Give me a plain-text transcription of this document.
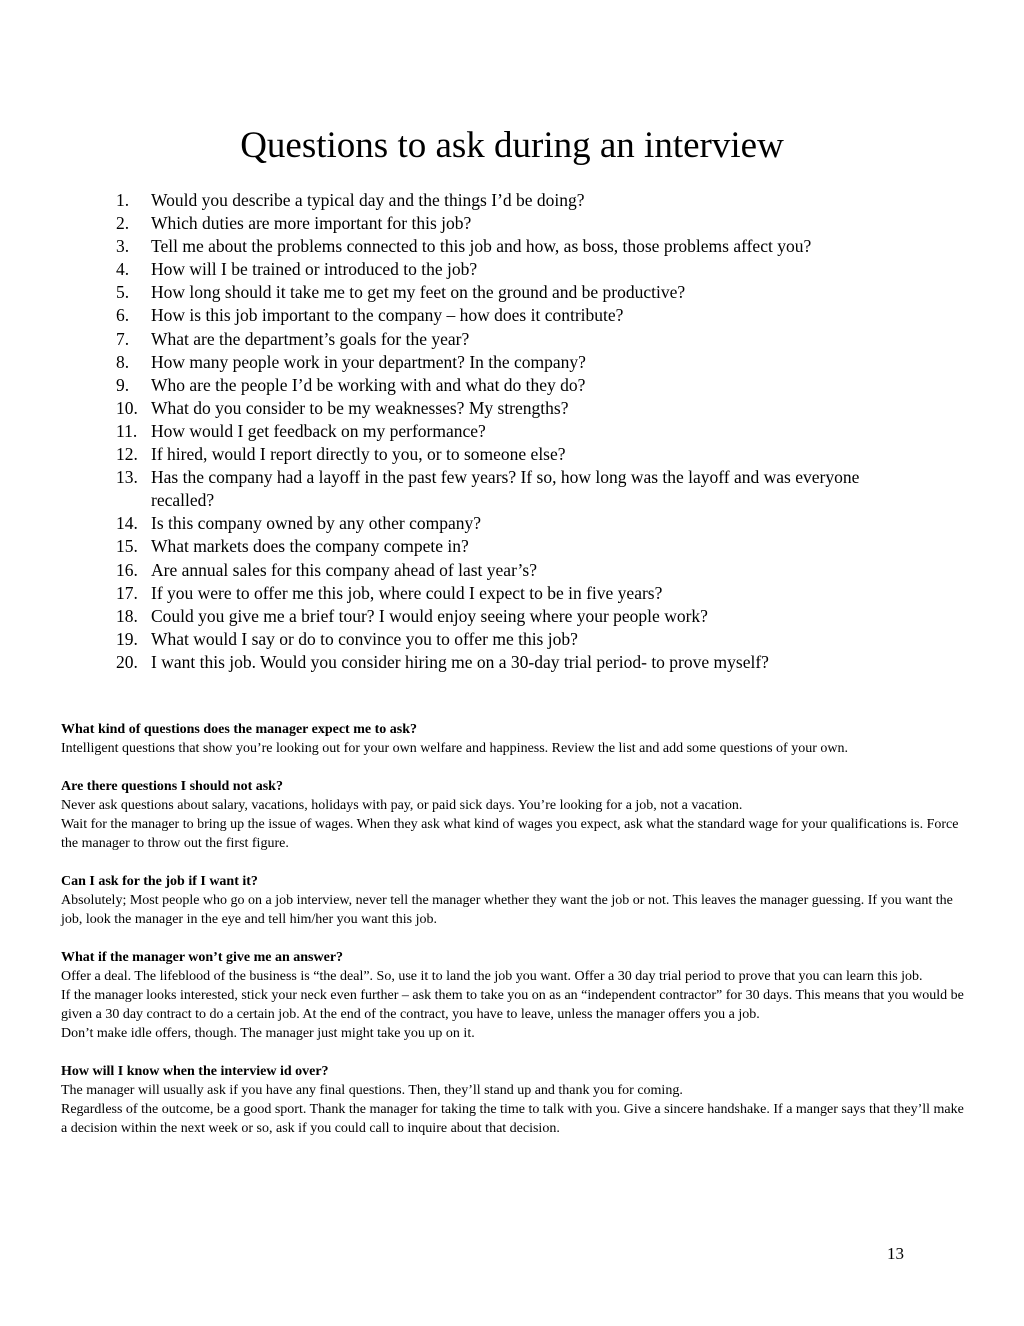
Questions to ask during an interview
1.	Would you describe a typical day and the things I’d be doing?
2.	Which duties are more important for this job?
3.	Tell me about the problems connected to this job and how, as boss, those problems affect you?
4.	How will I be trained or introduced to the job?
5.	How long should it take me to get my feet on the ground and be productive?
6.	How is this job important to the company – how does it contribute?
7.	What are the department’s goals for the year?
8.	How many people work in your department? In the company?
9.	Who are the people I’d be working with and what do they do?
10. What do you consider to be my weaknesses? My strengths?
11. How would I get feedback on my performance?
12. If hired, would I report directly to you, or to someone else?
13. Has the company had a layoff in the past few years? If so, how long was the layoff and was everyone recalled?
14. Is this company owned by any other company?
15. What markets does the company compete in?
16. Are annual sales for this company ahead of last year’s?
17. If you were to offer me this job, where could I expect to be in five years?
18. Could you give me a brief tour? I would enjoy seeing where your people work?
19. What would I say or do to convince you to offer me this job?
20. I want this job. Would you consider hiring me on a 30-day trial period- to prove myself?
What kind of questions does the manager expect me to ask?
Intelligent questions that show you’re looking out for your own welfare and happiness. Review the list and add some questions of your own.
Are there questions I should not ask?
Never ask questions about salary, vacations, holidays with pay, or paid sick days. You’re looking for a job, not a vacation.
Wait for the manager to bring up the issue of wages. When they ask what kind of wages you expect, ask what the standard wage for your qualifications is. Force the manager to throw out the first figure.
Can I ask for the job if I want it?
Absolutely; Most people who go on a job interview, never tell the manager whether they want the job or not. This leaves the manager guessing. If you want the job, look the manager in the eye and tell him/her you want this job.
What if the manager won’t give me an answer?
Offer a deal. The lifeblood of the business is “the deal”. So, use it to land the job you want. Offer a 30 day trial period to prove that you can learn this job.
If the manager looks interested, stick your neck even further – ask them to take you on as an “independent contractor” for 30 days. This means that you would be given a 30 day contract to do a certain job. At the end of the contract, you have to leave, unless the manager offers you a job.
Don’t make idle offers, though. The manager just might take you up on it.
How will I know when the interview id over?
The manager will usually ask if you have any final questions. Then, they’ll stand up and thank you for coming.
Regardless of the outcome, be a good sport. Thank the manager for taking the time to talk with you. Give a sincere handshake. If a manger says that they’ll make a decision within the next week or so, ask if you could call to inquire about that decision.
13
